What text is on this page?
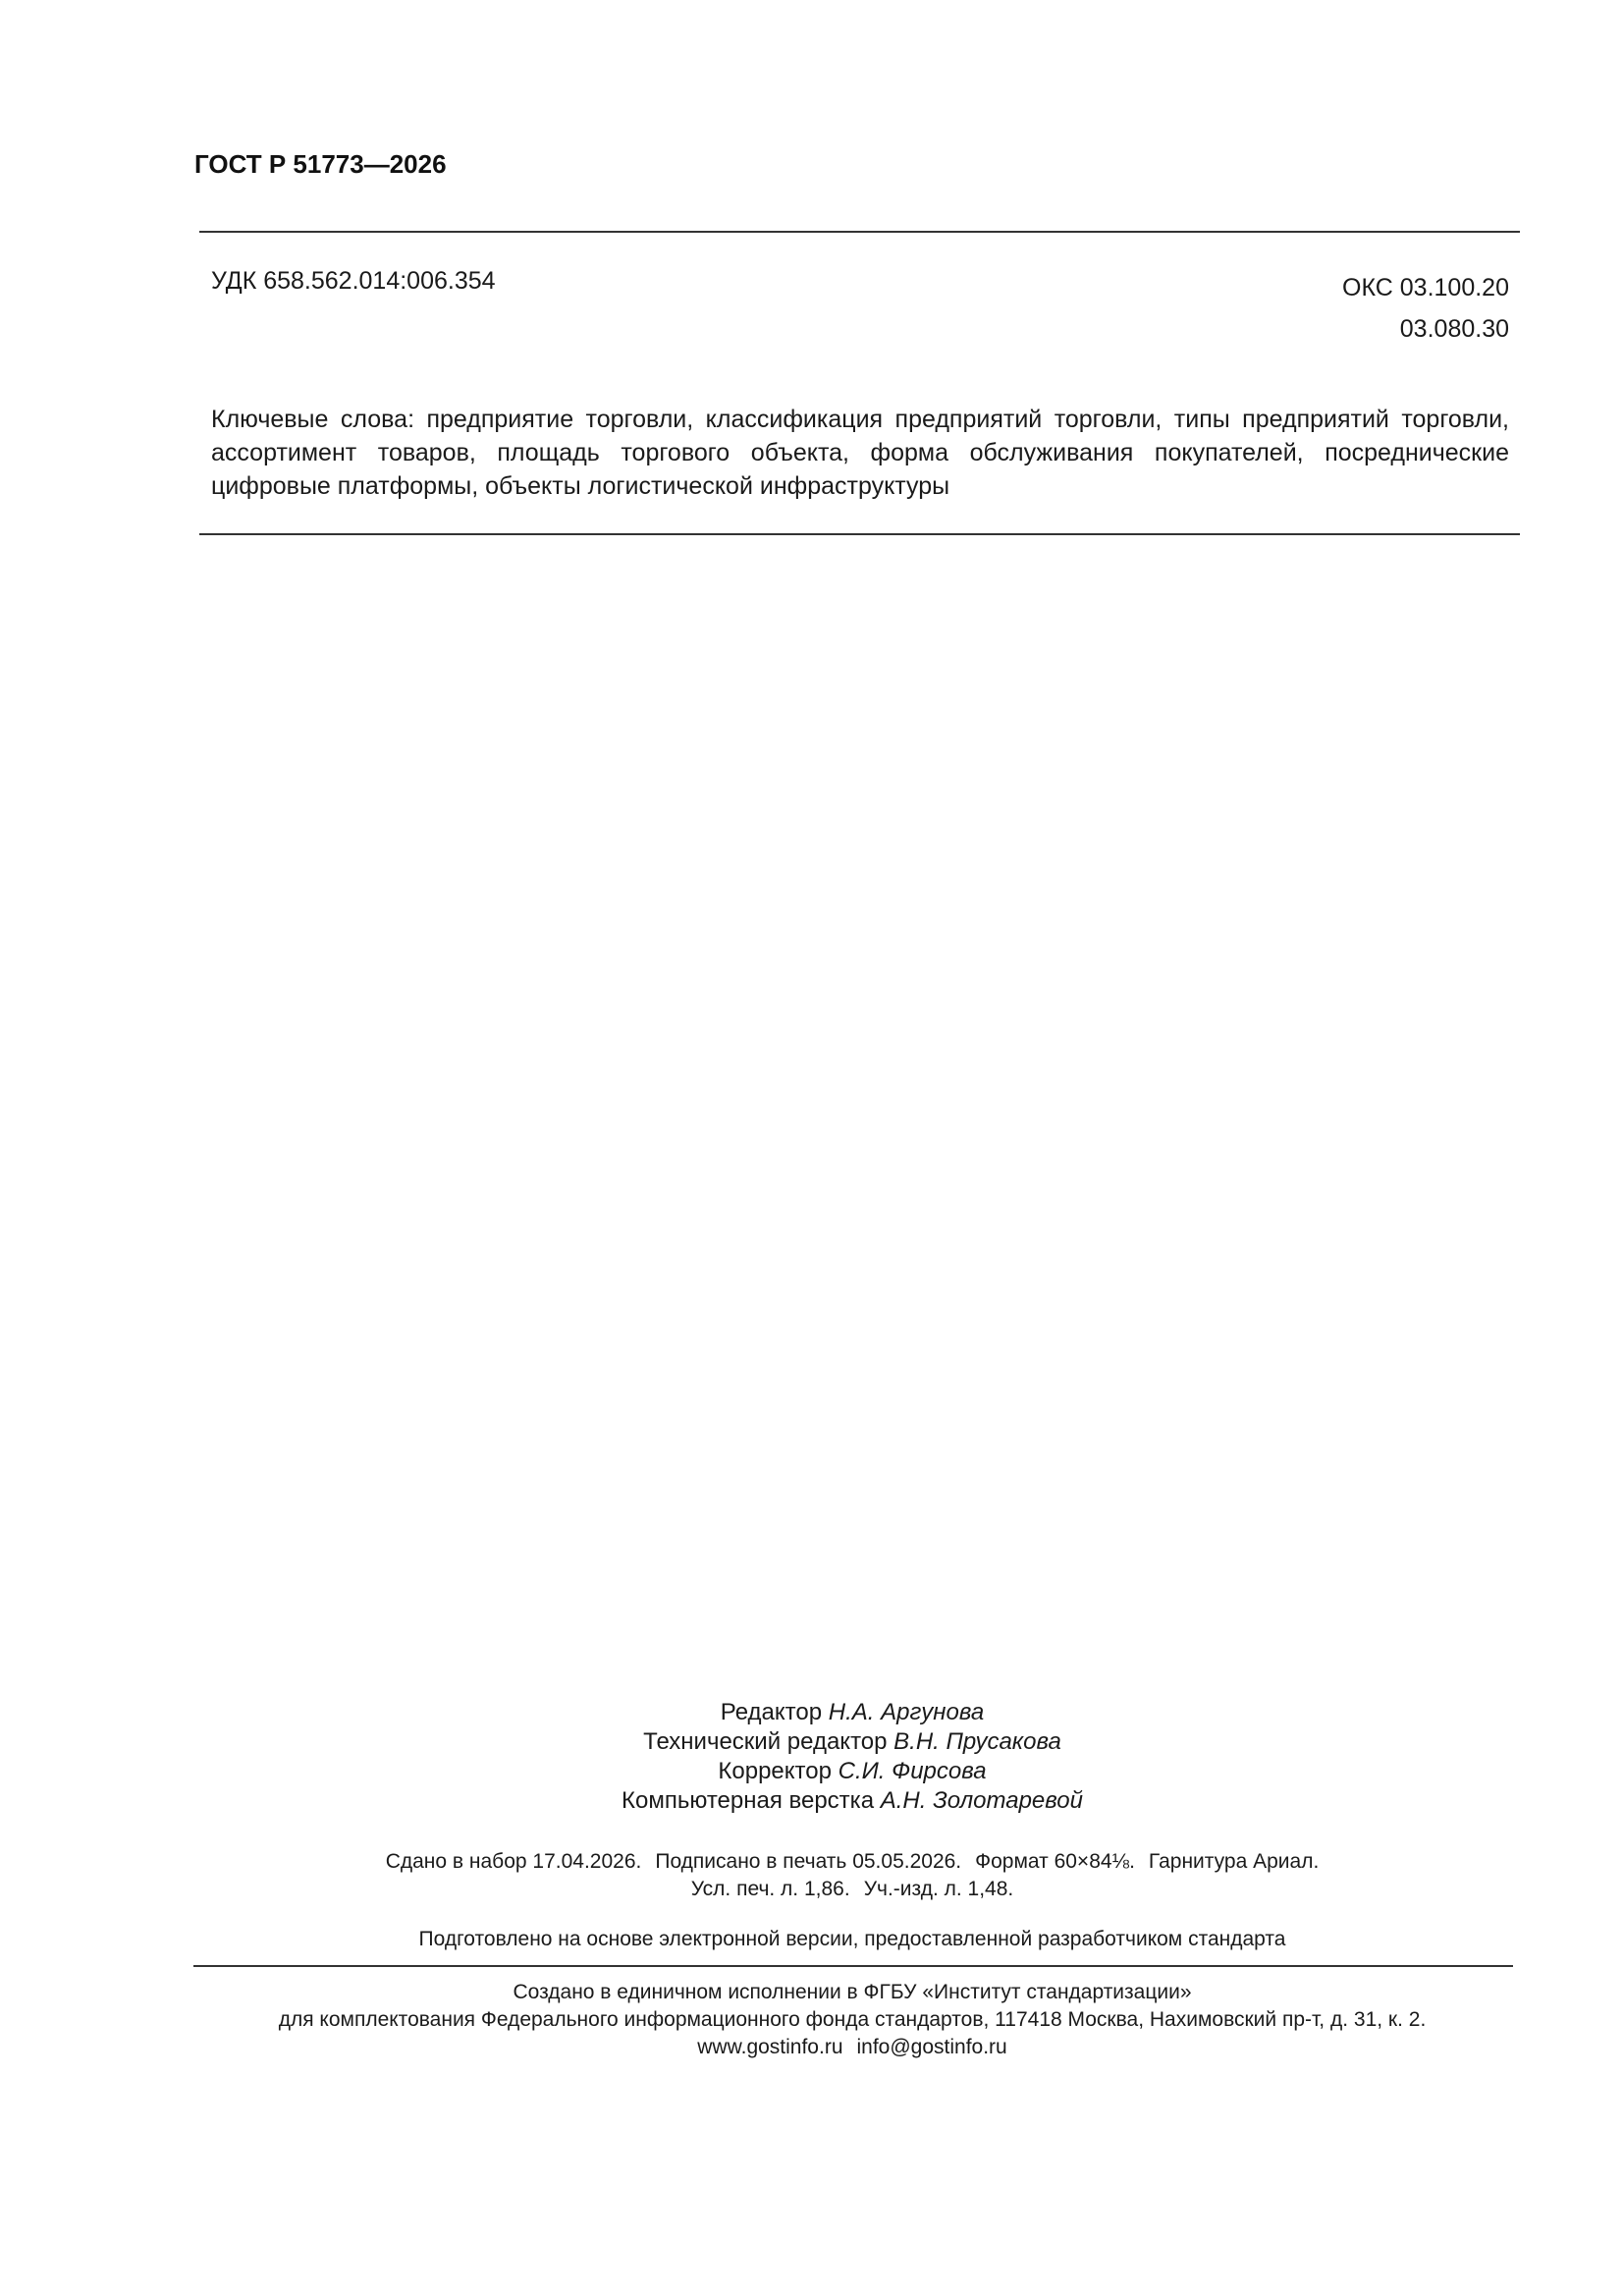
ГОСТ Р 51773—2026
УДК 658.562.014:006.354	ОКС 03.100.20
03.080.30
Ключевые слова: предприятие торговли, классификация предприятий торговли, типы предприятий торговли, ассортимент товаров, площадь торгового объекта, форма обслуживания покупателей, посреднические цифровые платформы, объекты логистической инфраструктуры
Редактор Н.А. Аргунова
Технический редактор В.Н. Прусакова
Корректор С.И. Фирсова
Компьютерная верстка А.Н. Золотаревой
Сдано в набор 17.04.2026. Подписано в печать 05.05.2026. Формат 60×84⅛. Гарнитура Ариал.
Усл. печ. л. 1,86. Уч.-изд. л. 1,48.
Подготовлено на основе электронной версии, предоставленной разработчиком стандарта
Создано в единичном исполнении в ФГБУ «Институт стандартизации»
для комплектования Федерального информационного фонда стандартов, 117418 Москва, Нахимовский пр-т, д. 31, к. 2.
www.gostinfo.ru info@gostinfo.ru
